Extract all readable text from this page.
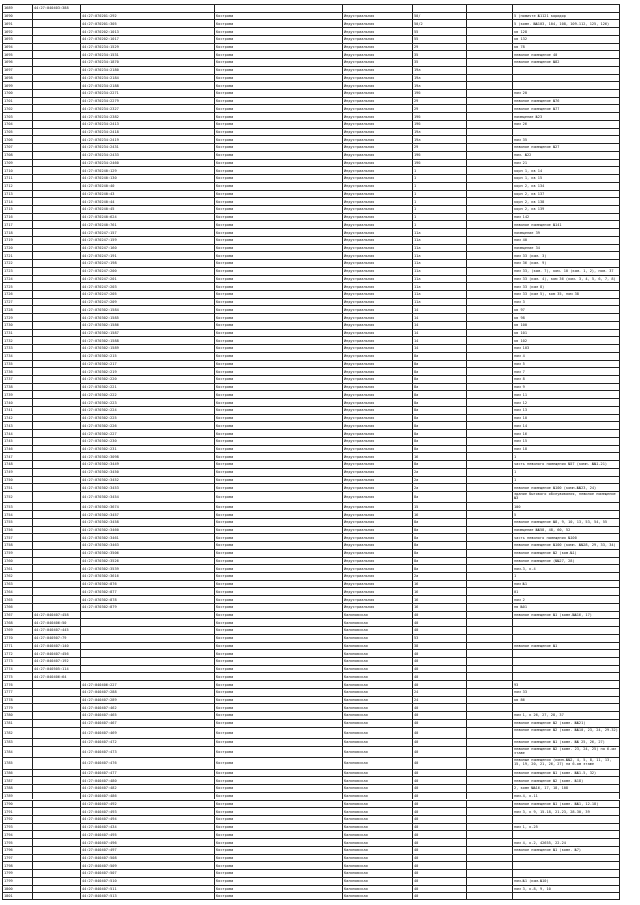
1689	44:27:040403:388
1690	44:27:070201:292	Кострома	Индустриальная	50/	5 (помичте №1121 коридор
1691	44:27:070201:305	Кострома	Индустриальная	50/2	5 (комн. №№103, 104, 108, 109-112, 125, 126)
1692	44:27:070202:1013	Кострома	Индустриальная	55	кв 128
1693	44:27:070202:1017	Кострома	Индустриальная	55	кв 132
1694	44:27:070234:1529	Кострома	Индустриальная	29	кв 78
1695	44:27:070234:1531	Кострома	Индустриальная	35	нежилое помещение 40
1696	44:27:070234:1870	Кострома	Индустриальная	35	нежилое помещение №82
1697	44:27:070234:2180	Кострома	Индустриальная	19а
1698	44:27:070234:2184	Кострома	Индустриальная	19а
1699	44:27:070234:2188	Кострома	Индустриальная	19а
1700	44:27:070234:2271	Кострома	Индустриальная	19б	пом 20
1701	44:27:070234:2279	Кострома	Индустриальная	29	нежилое помещение №76
1702	44:27:070234:2327	Кострома	Индустриальная	29	нежилое помещение №77
1703	44:27:070234:2382	Кострома	Индустриальная	19б	помещение №23
1704	44:27:070234:2413	Кострома	Индустриальная	19б	пом 26
1705	44:27:070234:2418	Кострома	Индустриальная	19а
1706	44:27:070234:2419	Кострома	Индустриальная	19а	пом 35
1707	44:27:070234:2431	Кострома	Индустриальная	29	нежилое помещение №27
1708	44:27:070234:2433	Кострома	Индустриальная	19б	пом. №22
1709	44:27:070234:2460	Кострома	Индустриальная	19б	пом 21
1710	44:27:070240:129	Кострома	Индустриальная	1	корп 1, кв 14
1711	44:27:070240:130	Кострома	Индустриальная	1	корп 1, кв 15
1712	44:27:070240:40	Кострома	Индустриальная	1	корп 2, кв 134
1713	44:27:070240:43	Кострома	Индустриальная	1	корп 2, кв 137
1714	44:27:070240:44	Кострома	Индустриальная	1	корп 2, кв 138
1715	44:27:070240:45	Кострома	Индустриальная	1	корп 2, кв 139
1716	44:27:070240:624	Кострома	Индустриальная	1	пом 142
1717	44:27:070240:761	Кострома	Индустриальная	1	нежилое помещение №141
1718	44:27:070247:157	Кострома	Индустриальная	11а	помещение 39
1719	44:27:070247:159	Кострома	Индустриальная	11а	пом 40
1720	44:27:070247:160	Кострома	Индустриальная	11а	помещение 34
1721	44:27:070247:191	Кострома	Индустриальная	11а	пом 33 (ком. 3)
1722	44:27:070247:198	Кострома	Индустриальная	11а	пом 36 (ком. 9)
1723	44:27:070247:200	Кострома	Индустриальная	11а	пом 33, (ком. 7), ком. 10 (ком. 1, 2), пом. 37
1724	44:27:070247:201	Кострома	Индустриальная	11а	пом 33 (ком. 4), ком 36 (ком. 3, 4, 5, 6, 7, 8)
1725	44:27:070247:203	Кострома	Индустриальная	11а	пом 33 (ком 8)
1726	44:27:070247:205	Кострома	Индустриальная	11а	пом 33 (ком 5), ком 35, пом 38
1727	44:27:070247:209	Кострома	Индустриальная	11а	пом 3
1728	44:27:070302:1584	Кострома	Индустриальная	14	кв 97
1729	44:27:070302:1585	Кострома	Индустриальная	14	кв 98
1730	44:27:070302:1586	Кострома	Индустриальная	14	кв 100
1731	44:27:070302:1587	Кострома	Индустриальная	14	кв 101
1732	44:27:070302:1588	Кострома	Индустриальная	14	кв 102
1733	44:27:070302:1589	Кострома	Индустриальная	14	пом 103
1734	44:27:070302:215	Кострома	Индустриальная	8а	пом 4
1735	44:27:070302:217	Кострома	Индустриальная	8а	пом 5
1736	44:27:070302:219	Кострома	Индустриальная	8а	пом 7
1737	44:27:070302:220	Кострома	Индустриальная	8а	пом 8
1738	44:27:070302:221	Кострома	Индустриальная	8а	пом 9
1739	44:27:070302:222	Кострома	Индустриальная	8а	пом 11
1740	44:27:070302:223	Кострома	Индустриальная	8а	пом 12
1741	44:27:070302:224	Кострома	Индустриальная	8а	пом 13
1742	44:27:070302:225	Кострома	Индустриальная	8а	пом 10
1743	44:27:070302:226	Кострома	Индустриальная	8а	пом 14
1744	44:27:070302:227	Кострома	Индустриальная	8а	пом 16
1745	44:27:070302:230	Кострома	Индустриальная	8а	пом 15
1746	44:27:070302:231	Кострома	Индустриальная	8а	пом 18
1747	44:27:070302:3098	Кострома	Индустриальная	16	1
1748	44:27:070302:3449	Кострома	Индустриальная	8а	часть нежилого помещения №57 (комн. №№1-21)
1749	44:27:070302:3450	Кострома	Индустриальная	2а	1
1750	44:27:070302:3452	Кострома	Индустриальная	2а	1
1751	44:27:070302:3453	Кострома	Индустриальная	2а	нежилое помещение №100 (комн.№№23, 24)
1752	44:27:070302:3454	Кострома	Индустриальная	8а
здание бытового обслуживания, нежилое помещение №3
1753	44:27:070302:3674	Кострома	Индустриальная	15	100
1754	44:27:070302:3457	Кострома	Индустриальная	16	5
1755	44:27:070302:3458	Кострома	Индустриальная	8а	нежилое помещение №8, 9, 10, 13, 53, 54, 55
1756	44:27:070302:3460	Кострома	Индустриальная	8а	помещение №№58, 48, 60, 52
1757	44:27:070302:3461	Кострома	Индустриальная	8а	часть нежилого помещения №100
1758	44:27:070302:3463	Кострома	Индустриальная	8а	нежилое помещение №100 (комн. №№28, 29, 33, 34)
1759	44:27:070302:3506	Кострома	Индустриальная	8а	нежилое помещение №2 (ком.№1)
1760	44:27:070302:3526	Кострома	Индустриальная	8а	нежилое помещение (№№27, 28)
1761	44:27:070302:3539	Кострома	Индустриальная	8а	пом.3, к.4
1762	44:27:070302:3616	Кострома	Индустриальная	2а	1
1763	44:27:070302:876	Кострома	Индустриальная	16	пом №1
1764	44:27:070302:877	Кострома	Индустриальная	16	01
1765	44:27:070302:878	Кострома	Индустриальная	16	пом 2
1766	44:27:070302:879	Кострома	Индустриальная	16	пв №01
1767	44:27:040407:458	Кострома	Калиновская	40	нежилое помещение №1 (комн.№№16, 17)
1768	44:27:040406:50	Кострома	Калиновская	40
1769	44:27:040407:445	Кострома	Калиновская	40
1770	44:27:040507:79	Кострома	Калиновская	53
1771	44:27:040407:140	Кострома	Калиновская	38	нежилое помещение №1
1772	44:27:040407:456	Кострома	Калиновская	40
1773	44:27:040407:192	Кострома	Калиновская	40
1774	44:27:040505:114	Кострома	Калиновская	40
1775	44:27:040406:64	Кострома	Калиновская	40
1776	44:27:040406:227	Кострома	Калиновская	40	93
1777	44:27:040407:288	Кострома	Калиновская	24	пом 33
1778	44:27:040407:289	Кострома	Калиновская	24	кв 86
1779	44:27:040407:462	Кострома	Калиновская	40
1780	44:27:040407:465	Кострома	Калиновская	40	пом 1, к 26, 27, 28, 37
1781	44:27:040407:467	Кострома	Калиновская	40	нежилое помещение №2 (комн. №№21)
1782	44:27:040407:469	Кострома	Калиновская	40
нежилое помещение №2 (комн. №№10, 23, 24, 29-32)
1783	44:27:040407:472	Кострома	Калиновская	40	нежилое помещение №1 (комн. №№ 25, 26, 27)
1784	44:27:040407:473	Кострома	Калиновская	40
нежилое помещение №2 (комн. 23, 24, 25) на 6-ом этаже
1785	44:27:040407:476	Кострома	Калиновская	40
нежилые помещения (комн.№№2, 4, 5, 8, 11, 13, 15, 19, 20, 21, 26, 27) на 6-ом этаже
1786	44:27:040407:477	Кострома	Калиновская	40	нежилое помещение №1 (комн. №№1-5, 32)
1787	44:27:040407:480	Кострома	Калиновская	40	нежилое помещение №2 (комн. №18)
1788	44:27:040407:482	Кострома	Калиновская	40	2, комн №№16, 17, 18, 108
1789	44:27:040407:486	Кострома	Калиновская	40	пом.4, к.11
1790	44:27:040407:492	Кострома	Калиновская	40	нежилое помещение №1 (комн. №№1, 12-18)
1791	44:27:040407:493	Кострома	Калиновская	40	пом 3, к 9, 15-18, 21-23, 28-30, 39
1792	44:27:040407:494	Кострома	Калиновская	40
1793	44:27:040407:434	Кострома	Калиновская	40	пом 1, к.25
1794	44:27:040407:495	Кострома	Калиновская	40
1795	44:27:040407:496	Кострома	Калиновская	40	пом 4, к.2, 42655, 22-24
1796	44:27:040407:497	Кострома	Калиновская	40	нежилое помещение №1 (комн. №7)
1797	44:27:040407:508	Кострома	Калиновская	40
1798	44:27:040407:509	Кострома	Калиновская	40
1799	44:27:040407:507	Кострома	Калиновская	40
1799	44:27:040407:510	Кострома	Калиновская	40	пом.№1 (ком.№10)
1800	44:27:040407:511	Кострома	Калиновская	40	пом 3, к.8, 9, 10
1801	44:27:040407:513	Кострома	Калиновская	40
